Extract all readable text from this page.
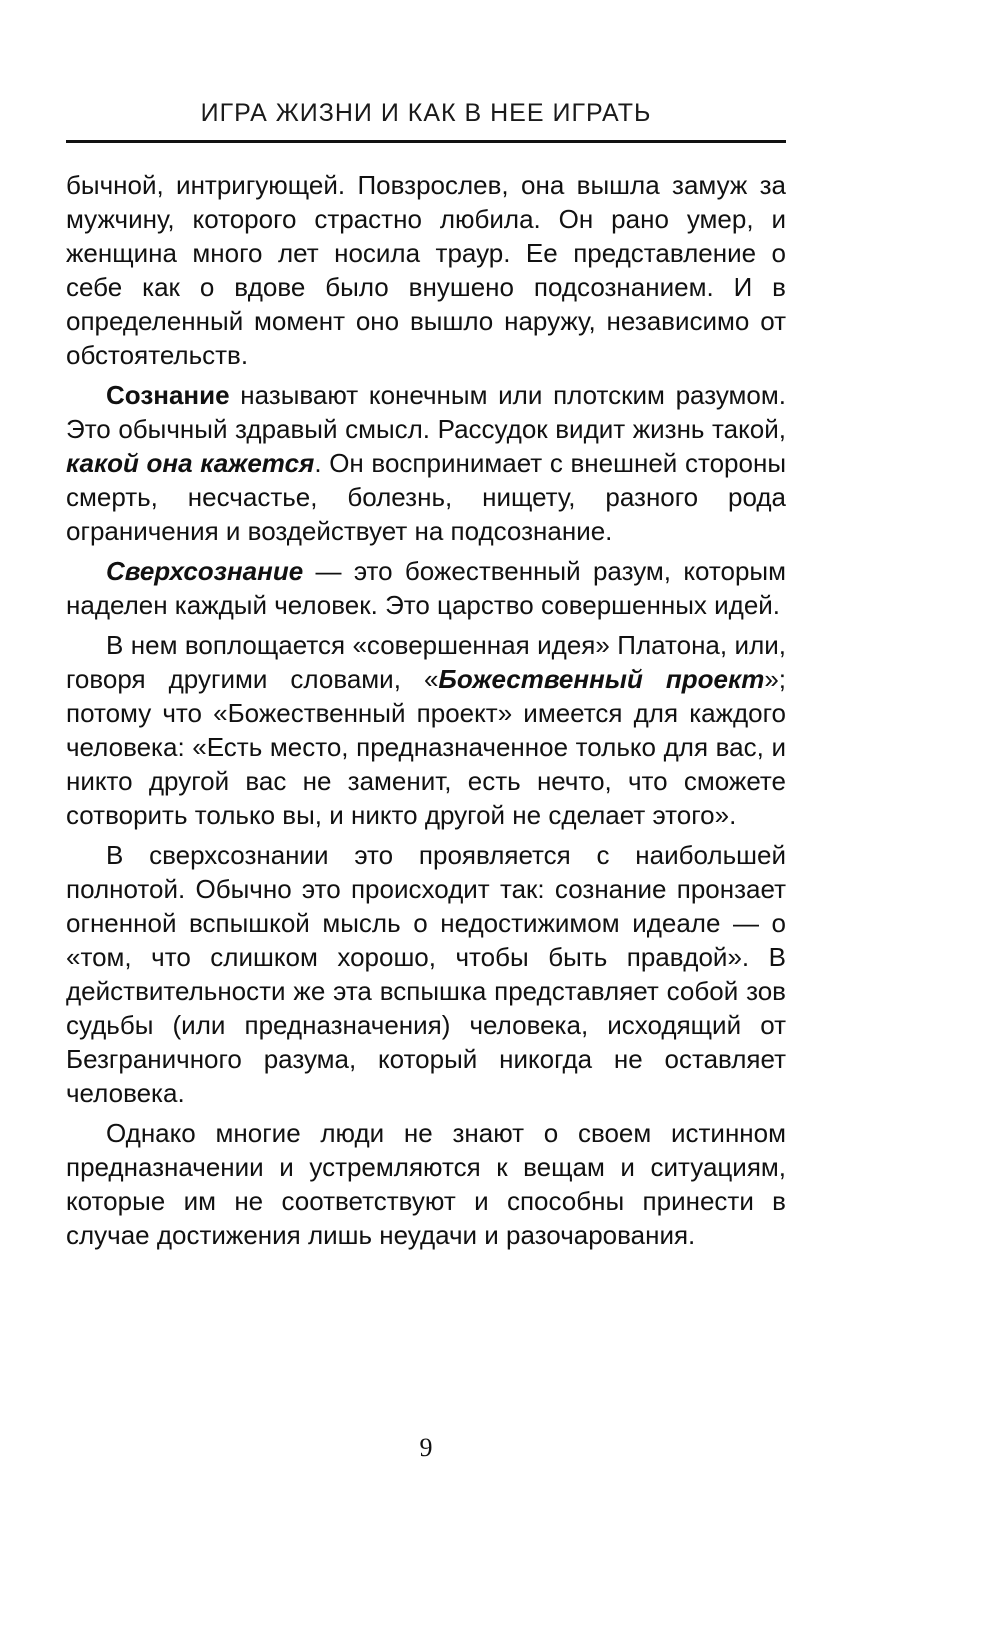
ИГРА ЖИЗНИ И КАК В НЕЕ ИГРАТЬ

бычной, интригующей. Повзрослев, она вышла замуж за мужчину, которого страстно любила. Он рано умер, и женщина много лет носила траур. Ее представление о себе как о вдове было внушено подсознанием. И в определенный момент оно вышло наружу, независимо от обстоятельств.

Сознание называют конечным или плотским разумом. Это обычный здравый смысл. Рассудок видит жизнь такой, какой она кажется. Он воспринимает с внешней стороны смерть, несчастье, болезнь, нищету, разного рода ограничения и воздействует на подсознание.

Сверхсознание — это божественный разум, которым наделен каждый человек. Это царство совершенных идей.

В нем воплощается «совершенная идея» Платона, или, говоря другими словами, «Божественный проект»; потому что «Божественный проект» имеется для каждого человека: «Есть место, предназначенное только для вас, и никто другой вас не заменит, есть нечто, что сможете сотворить только вы, и никто другой не сделает этого».

В сверхсознании это проявляется с наибольшей полнотой. Обычно это происходит так: сознание пронзает огненной вспышкой мысль о недостижимом идеале — о «том, что слишком хорошо, чтобы быть правдой». В действительности же эта вспышка представляет собой зов судьбы (или предназначения) человека, исходящий от Безграничного разума, который никогда не оставляет человека.

Однако многие люди не знают о своем истинном предназначении и устремляются к вещам и ситуациям, которые им не соответствуют и способны принести в случае достижения лишь неудачи и разочарования.

9
